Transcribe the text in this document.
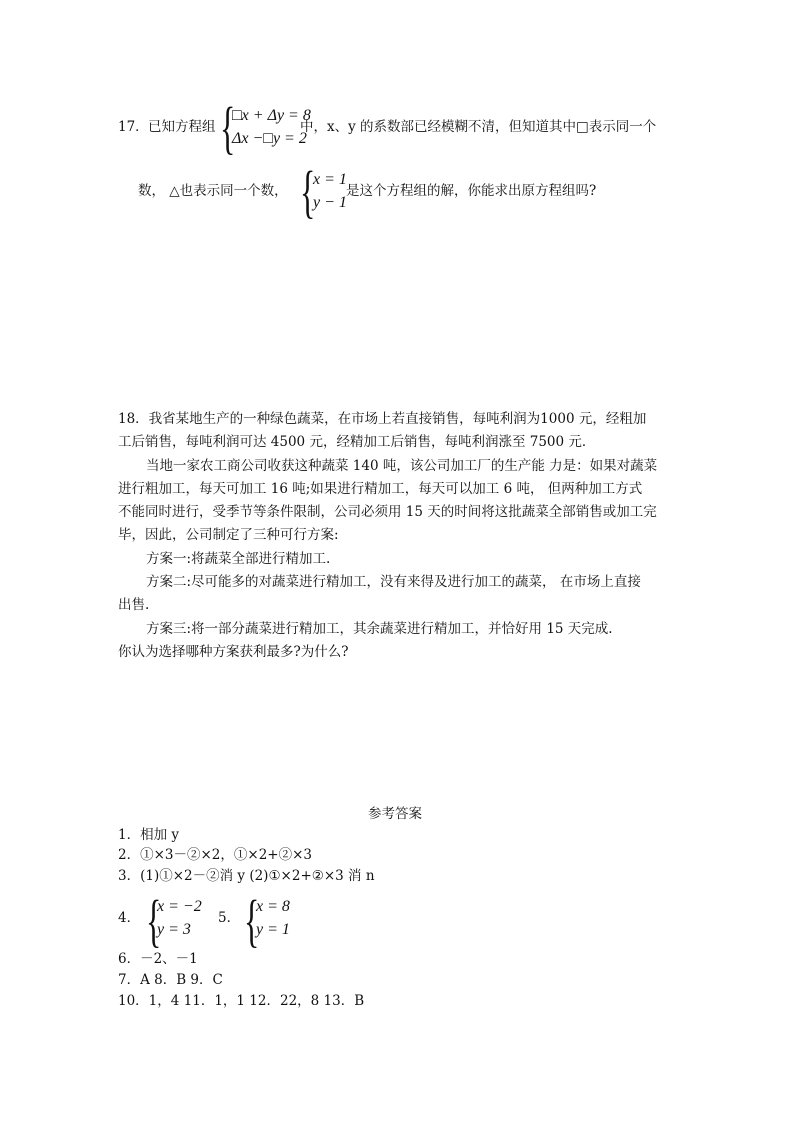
17． 已知方程组 {
□x + Δy = 8
Δx −□y = 2
中，x、y 的系数部已经模糊不清，但知道其中□表示同一个
数， △也表示同一个数， {
x = 1
y − 1
是这个方程组的解，你能求出原方程组吗?
18．我省某地生产的一种绿色蔬菜，在市场上若直接销售，每吨利润为1000 元，经粗加
工后销售，每吨利润可达 4500 元，经精加工后销售，每吨利润涨至 7500 元．
当地一家农工商公司收获这种蔬菜 140 吨，该公司加工厂的生产能 力是：如果对蔬菜
进行粗加工，每天可加工 16 吨;如果进行精加工，每天可以加工 6 吨， 但两种加工方式
不能同时进行，受季节等条件限制，公司必须用 15 天的时间将这批蔬菜全部销售或加工完
毕，因此，公司制定了三种可行方案:
方案一:将蔬菜全部进行精加工.
方案二:尽可能多的对蔬菜进行精加工，没有来得及进行加工的蔬菜， 在市场上直接
出售.
方案三:将一部分蔬菜进行精加工，其余蔬菜进行精加工，并恰好用 15 天完成.
你认为选择哪种方案获利最多?为什么?
参考答案
1．相加 y
2．①×3－②×2，①×2+②×3
3．(1)①×2－②消 y (2)①×2+②×3 消 n
4． {
x = −2
y = 3
5． {
x = 8
y = 1
6．－2、－1
7．A 8．B 9．C
10．1，4 11．1，1 12．22，8 13．B
